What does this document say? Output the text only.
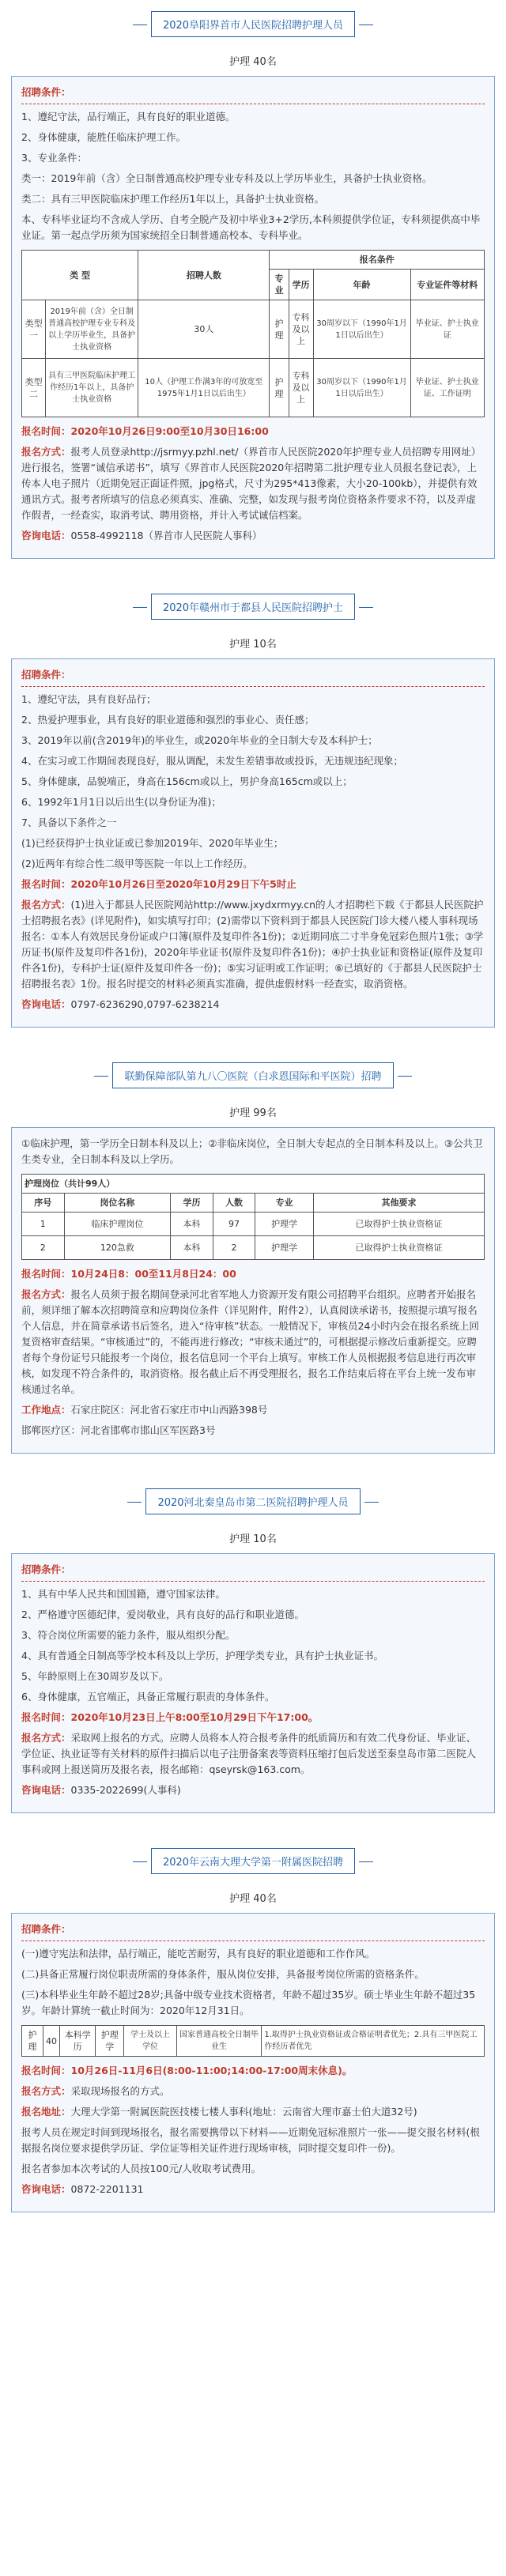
2020阜阳界首市人民医院招聘护理人员
护理 40名
招聘条件：
1、遵纪守法，品行端正，具有良好的职业道德。
2、身体健康，能胜任临床护理工作。
3、专业条件：
类一：2019年前（含）全日制普通高校护理专业专科及以上学历毕业生，具备护士执业资格。
类二：具有三甲医院临床护理工作经历1年以上，具备护士执业资格。
本、专科毕业证均不含成人学历、自考全脱产及初中毕业3+2学历,本科须提供学位证，专科须提供高中毕业证。第一起点学历须为国家统招全日制普通高校本、专科毕业。
类 型		招聘人数	报名条件			
			专业	学历	年龄	专业证件等材料
类型一	2019年前（含）全日制普通高校护理专业专科及以上学历毕业生，具备护士执业资格	30人	护理	专科及以上	30周岁以下（1990年1月1日以后出生）	毕业证、护士执业证
类型二	具有三甲医院临床护理工作经历1年以上，具备护士执业资格	10人（护理工作满3年的可放宽至1975年1月1日以后出生）	护理	专科及以上	30周岁以下（1990年1月1日以后出生）	毕业证、护士执业证、工作证明
报名时间：2020年10月26日9:00至10月30日16:00
报名方式：报考人员登录http://jsrmyy.pzhl.net/（界首市人民医院2020年护理专业人员招聘专用网址）进行报名，签署“诚信承诺书”，填写《界首市人民医院2020年招聘第二批护理专业人员报名登记表》，上传本人电子照片（近期免冠正面证件照，jpg格式，尺寸为295*413像素，大小20-100kb），并提供有效通讯方式。报考者所填写的信息必须真实、准确、完整，如发现与报考岗位资格条件要求不符，以及弄虚作假者，一经查实，取消考试、聘用资格，并计入考试诚信档案。
咨询电话：0558-4992118（界首市人民医院人事科）
2020年赣州市于都县人民医院招聘护士
护理 10名
招聘条件：
1、遵纪守法，具有良好品行；
2、热爱护理事业，具有良好的职业道德和强烈的事业心、责任感；
3、2019年以前(含2019年)的毕业生，或2020年毕业的全日制大专及本科护士；
4、在实习或工作期间表现良好，服从调配，未发生差错事故或投诉，无违规违纪现象；
5、身体健康，品貌端正，身高在156cm或以上，男护身高165cm或以上；
6、1992年1月1日以后出生(以身份证为准)；
7、具备以下条件之一
(1)已经获得护士执业证或已参加2019年、2020年毕业生；
(2)近两年有综合性二级甲等医院一年以上工作经历。
报名时间：2020年10月26日至2020年10月29日下午5时止
报名方式：(1)进入于都县人民医院网站http://www.jxydxrmyy.cn的人才招聘栏下载《于都县人民医院护士招聘报名表》(详见附件)，如实填写打印；(2)需带以下资料到于都县人民医院门诊大楼八楼人事科现场报名：①本人有效居民身份证或户口簿(原件及复印件各1份)；②近期同底二寸半身免冠彩色照片1张；③学历证书(原件及复印件各1份)，2020年毕业证书(原件及复印件各1份)；④护士执业证和资格证(原件及复印件各1份)，专科护士证(原件及复印件各一份)；⑤实习证明或工作证明；⑥已填好的《于都县人民医院护士招聘报名表》1份。报名时提交的材料必须真实准确，提供虚假材料一经查实，取消资格。
咨询电话：0797-6236290,0797-6238214
联勤保障部队第九八〇医院（白求恩国际和平医院）招聘
护理 99名
①临床护理，第一学历全日制本科及以上；②非临床岗位，全日制大专起点的全日制本科及以上。③公共卫生类专业，全日制本科及以上学历。
护理岗位（共计99人）					
序号	岗位名称	学历	人数	专业	其他要求
1	临床护理岗位	本科	97	护理学	已取得护士执业资格证
2	120急救	本科	2	护理学	已取得护士执业资格证
报名时间：10月24日8：00至11月8日24：00
报名方式：报名人员须于报名期间登录河北省军地人力资源开发有限公司招聘平台组织。应聘者开始报名前，须详细了解本次招聘简章和应聘岗位条件（详见附件，附件2），认真阅读承诺书，按照提示填写报名个人信息，并在简章承诺书后签名，进入“待审核”状态。一般情况下，审核员24小时内会在报名系统上回复资格审查结果。“审核通过”的，不能再进行修改；“审核未通过”的，可根据提示修改后重新提交。应聘者每个身份证号只能报考一个岗位，报名信息同一个平台上填写。审核工作人员根据报考信息进行再次审核，如发现不符合条件的，取消资格。报名截止后不再受理报名，报名工作结束后将在平台上统一发布审核通过名单。
工作地点：石家庄院区：河北省石家庄市中山西路398号
邯郸医疗区：河北省邯郸市邯山区军医路3号
2020河北秦皇岛市第二医院招聘护理人员
护理 10名
招聘条件：
1、具有中华人民共和国国籍，遵守国家法律。
2、严格遵守医德纪律，爱岗敬业，具有良好的品行和职业道德。
3、符合岗位所需要的能力条件，服从组织分配。
4、具有普通全日制高等学校本科及以上学历，护理学类专业，具有护士执业证书。
5、年龄原则上在30周岁及以下。
6、身体健康，五官端正，具备正常履行职责的身体条件。
报名时间：2020年10月23日上午8:00至10月29日下午17:00。
报名方式：采取网上报名的方式。应聘人员将本人符合报考条件的纸质简历和有效二代身份证、毕业证、学位证、执业证等有关材料的原件扫描后以电子注册备案表等资料压缩打包后发送至秦皇岛市第二医院人事科或网上报送简历及报名表，报名邮箱：qseyrsk@163.com。
咨询电话：0335-2022699(人事科)
2020年云南大理大学第一附属医院招聘
护理 40名
招聘条件：
(一)遵守宪法和法律，品行端正，能吃苦耐劳，具有良好的职业道德和工作作风。
(二)具备正常履行岗位职责所需的身体条件，服从岗位安排，具备报考岗位所需的资格条件。
(三)本科毕业生年龄不超过28岁;具备中级专业技术资格者，年龄不超过35岁。硕士毕业生年龄不超过35岁。年龄计算统一截止时间为：2020年12月31日。
护理	40	本科学历	护理学	学士及以上学位	国家普通高校全日制毕业生	1.取得护士执业资格证或合格证明者优先；2.具有三甲医院工作经历者优先
报名时间：10月26日-11月6日(8:00-11:00;14:00-17:00周末休息)。
报名方式：采取现场报名的方式。
报名地址：大理大学第一附属医院医技楼七楼人事科(地址：云南省大理市嘉士伯大道32号)
报考人员在规定时间到现场报名，报名需要携带以下材料——近期免冠标准照片一张——提交报名材料(根据报名岗位要求提供学历证、学位证等相关证件进行现场审核，同时提交复印件一份)。
报名者参加本次考试的人员按100元/人收取考试费用。
咨询电话：0872-2201131
